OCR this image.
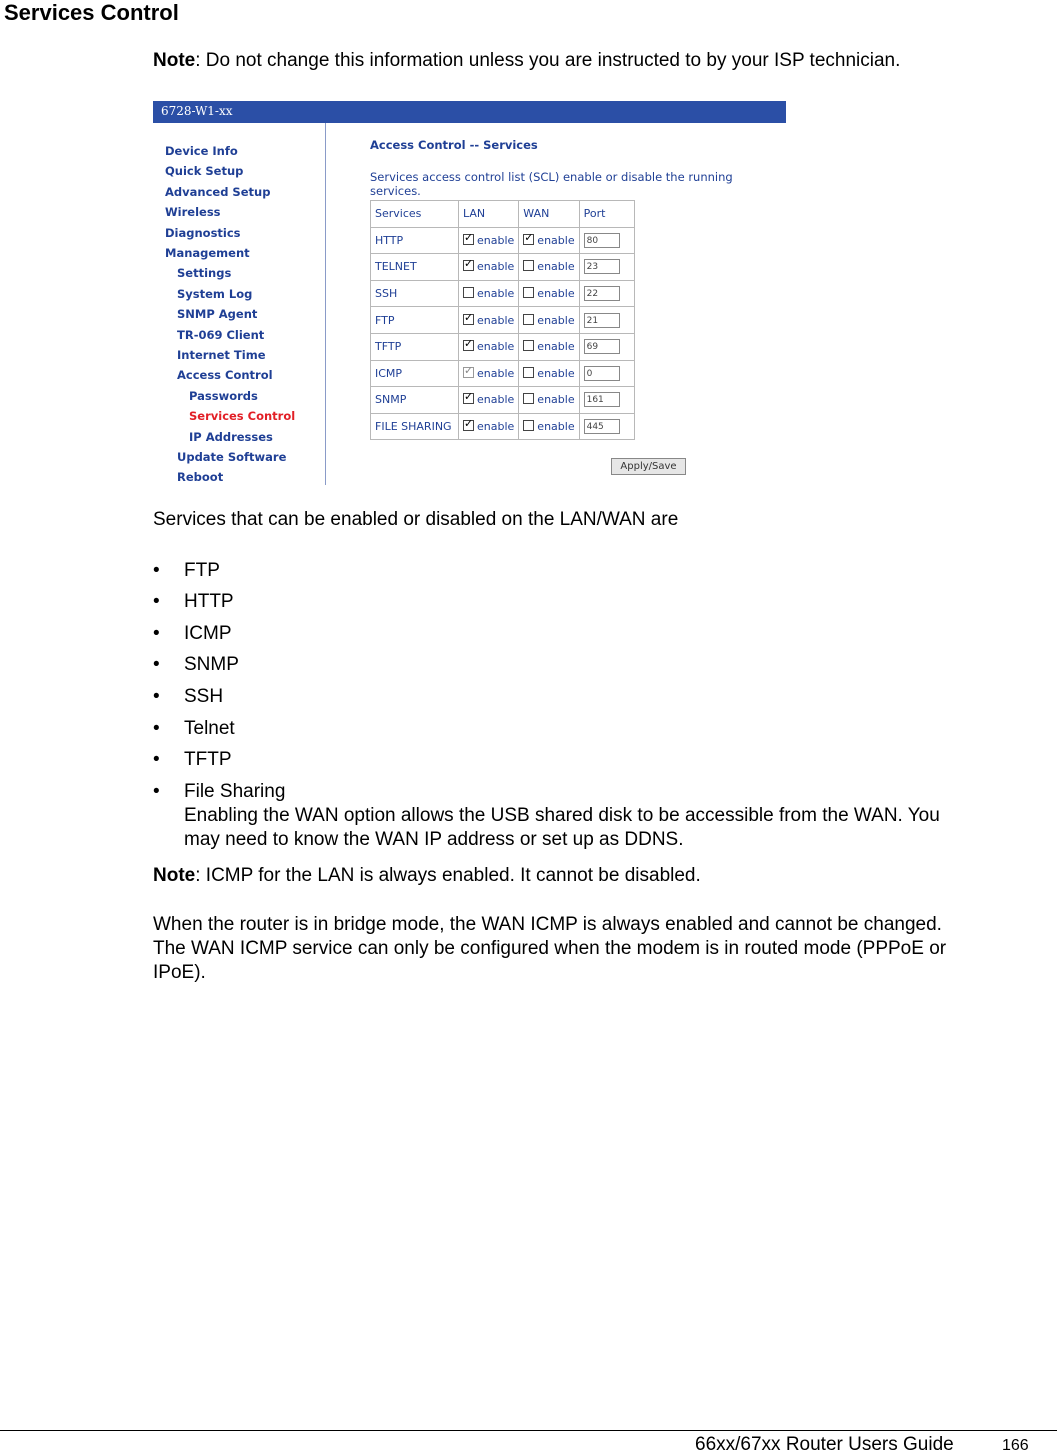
Services Control
Note: Do not change this information unless you are instructed to by your ISP technician.
6728-W1-xx
Device Info
Quick Setup
Advanced Setup
Wireless
Diagnostics
Management
Settings
System Log
SNMP Agent
TR-069 Client
Internet Time
Access Control
Passwords
Services Control
IP Addresses
Update Software
Reboot
Access Control -- Services
Services access control list (SCL) enable or disable the running services.
Services	LAN	WAN	Port
HTTP	✓enable	✓enable	80
TELNET	✓enable	enable	23
SSH	enable	enable	22
FTP	✓enable	enable	21
TFTP	✓enable	enable	69
ICMP	✓enable	enable	0
SNMP	✓enable	enable	161
FILE SHARING	✓enable	enable	445
Apply/Save
Services that can be enabled or disabled on the LAN/WAN are
• FTP
• HTTP
• ICMP
• SNMP
• SSH
• Telnet
• TFTP
• File Sharing
Enabling the WAN option allows the USB shared disk to be accessible from the WAN. You
may need to know the WAN IP address or set up as DDNS.
Note: ICMP for the LAN is always enabled. It cannot be disabled.
When the router is in bridge mode, the WAN ICMP is always enabled and cannot be changed.
The WAN ICMP service can only be configured when the modem is in routed mode (PPPoE or
IPoE).
66xx/67xx Router Users Guide	166
